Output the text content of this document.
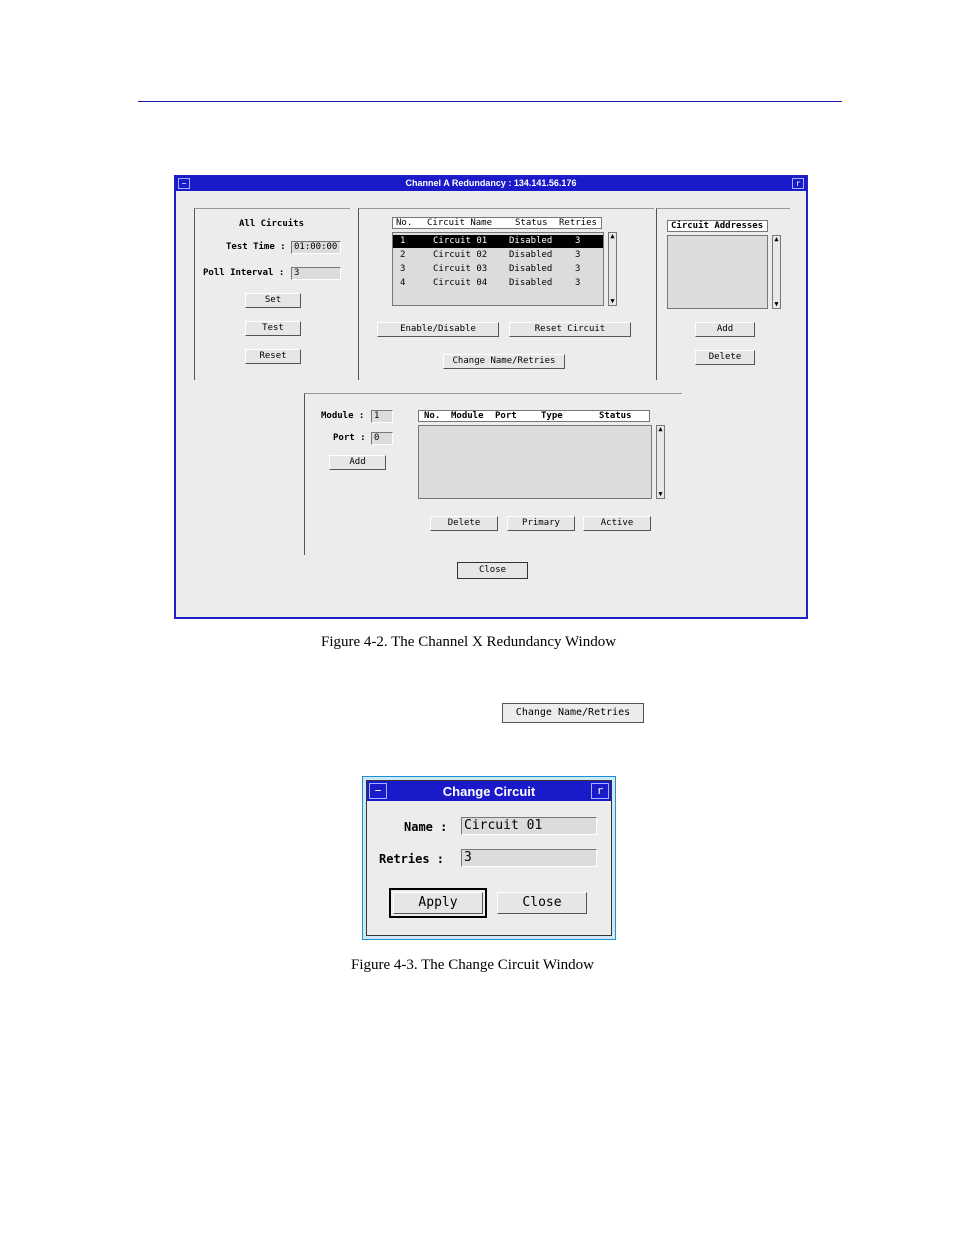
−	Channel A Redundancy : 134.141.56.176	r
All Circuits
Test Time : 01:00:00
Poll Interval :	3
Set
Test
Reset
No. Circuit Name	Status Retries
1	Circuit 01 Disabled	3
2	Circuit 02 Disabled	3
3	Circuit 03 Disabled	3
4	Circuit 04 Disabled	3
▲
▼
Enable/Disable	Reset Circuit
Change Name/Retries
Circuit Addresses
▲
▼
Add
Delete
Module :	1
Port : 0
Add
No. Module Port	Type	Status
▲
▼
Delete	Primary	Active
Close
Figure 4-2. The Channel X Redundancy Window
Change Name/Retries
−	Change Circuit	r
Name : Circuit 01
Retries : 3
Apply	Close
Figure 4-3. The Change Circuit Window
